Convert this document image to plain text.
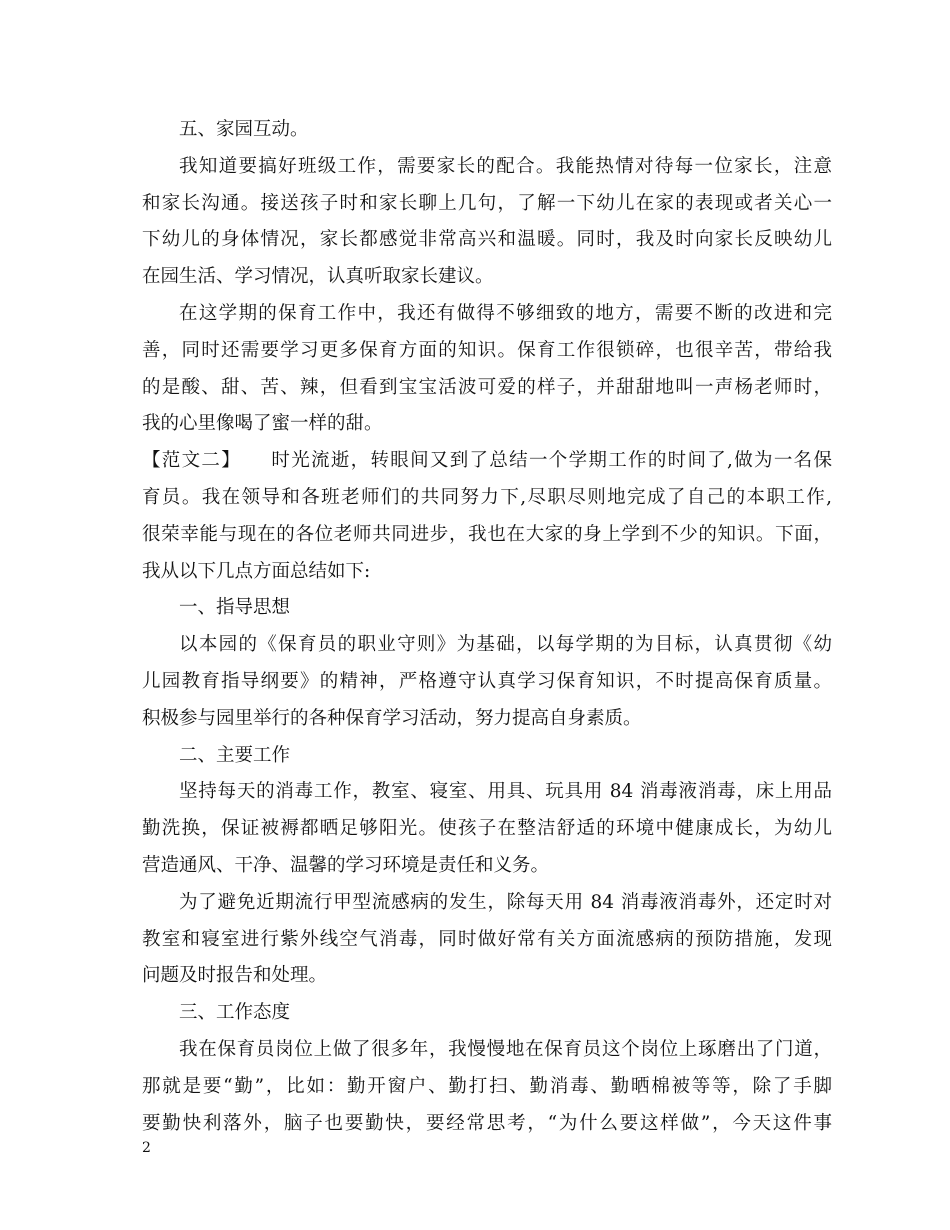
五、家园互动。
我知道要搞好班级工作，需要家长的配合。我能热情对待每一位家长，注意
和家长沟通。接送孩子时和家长聊上几句，了解一下幼儿在家的表现或者关心一
下幼儿的身体情况，家长都感觉非常高兴和温暖。同时，我及时向家长反映幼儿
在园生活、学习情况，认真听取家长建议。
在这学期的保育工作中，我还有做得不够细致的地方，需要不断的改进和完
善，同时还需要学习更多保育方面的知识。保育工作很锁碎，也很辛苦，带给我
的是酸、甜、苦、辣，但看到宝宝活波可爱的样子，并甜甜地叫一声杨老师时，
我的心里像喝了蜜一样的甜。
【范文二】　　时光流逝，转眼间又到了总结一个学期工作的时间了,做为一名保
育员。我在领导和各班老师们的共同努力下,尽职尽则地完成了自己的本职工作,
很荣幸能与现在的各位老师共同进步，我也在大家的身上学到不少的知识。下面，
我从以下几点方面总结如下:
一、指导思想
以本园的《保育员的职业守则》为基础，以每学期的为目标，认真贯彻《幼
儿园教育指导纲要》的精神，严格遵守认真学习保育知识，不时提高保育质量。
积极参与园里举行的各种保育学习活动，努力提高自身素质。
二、主要工作
坚持每天的消毒工作，教室、寝室、用具、玩具用 84 消毒液消毒，床上用品
勤洗换，保证被褥都晒足够阳光。使孩子在整洁舒适的环境中健康成长，为幼儿
营造通风、干净、温馨的学习环境是责任和义务。
为了避免近期流行甲型流感病的发生，除每天用 84 消毒液消毒外，还定时对
教室和寝室进行紫外线空气消毒，同时做好常有关方面流感病的预防措施，发现
问题及时报告和处理。
三、工作态度
我在保育员岗位上做了很多年，我慢慢地在保育员这个岗位上琢磨出了门道，
那就是要“勤”，比如：勤开窗户、勤打扫、勤消毒、勤晒棉被等等，除了手脚
要勤快利落外，脑子也要勤快，要经常思考，“为什么要这样做”，今天这件事
2
